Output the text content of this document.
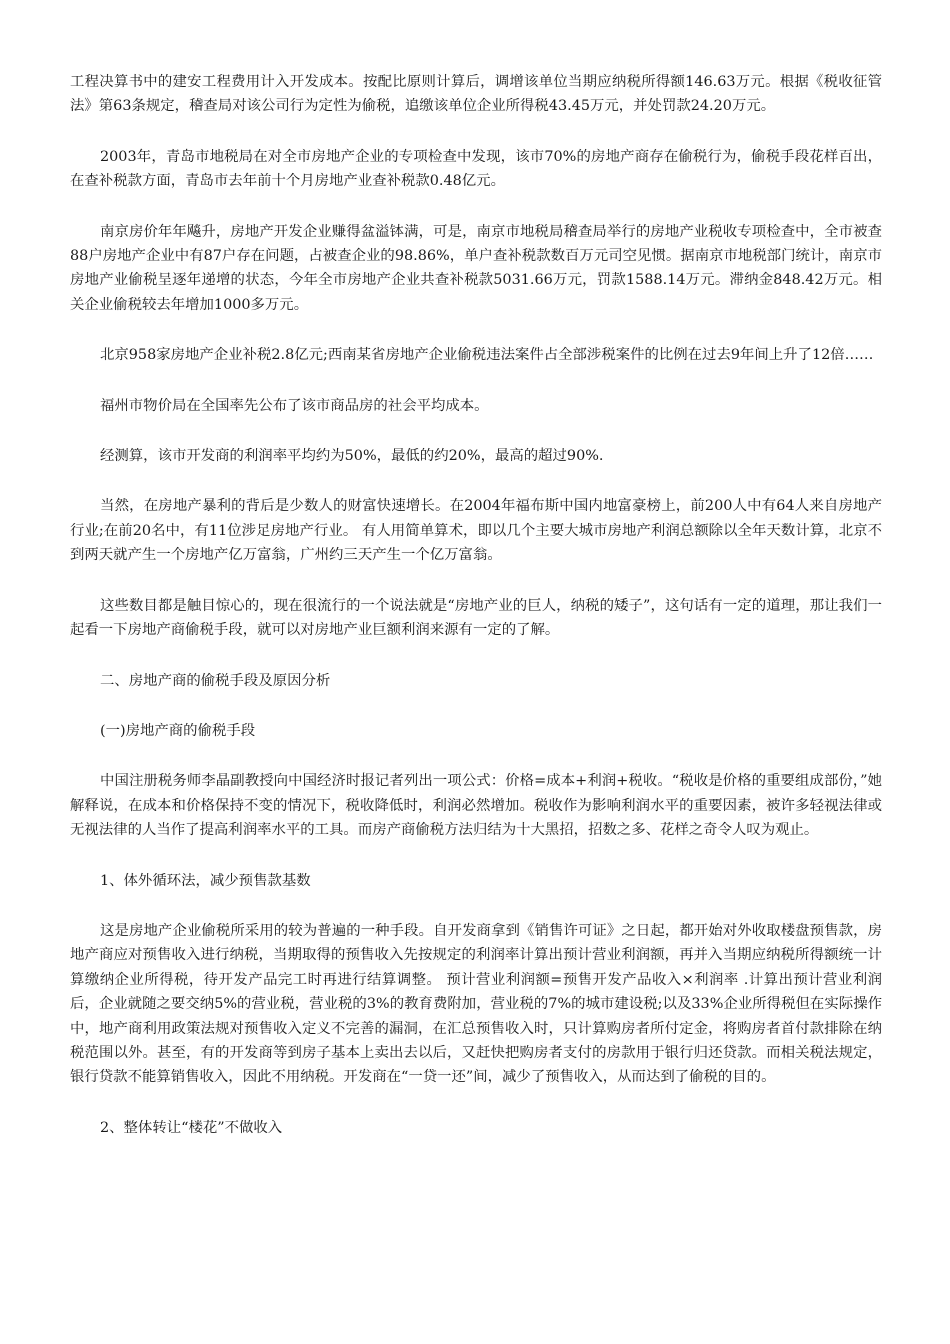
工程决算书中的建安工程费用计入开发成本。按配比原则计算后，调增该单位当期应纳税所得额146.63万元。根据《税收征管法》第63条规定，稽查局对该公司行为定性为偷税，追缴该单位企业所得税43.45万元，并处罚款24.20万元。

2003年，青岛市地税局在对全市房地产企业的专项检查中发现，该市70%的房地产商存在偷税行为，偷税手段花样百出，在查补税款方面，青岛市去年前十个月房地产业查补税款0.48亿元。

南京房价年年飚升，房地产开发企业赚得盆溢钵满，可是，南京市地税局稽查局举行的房地产业税收专项检查中，全市被查88户房地产企业中有87户存在问题，占被查企业的98.86%，单户查补税款数百万元司空见惯。据南京市地税部门统计，南京市房地产业偷税呈逐年递增的状态，今年全市房地产企业共查补税款5031.66万元，罚款1588.14万元。滞纳金848.42万元。相关企业偷税较去年增加1000多万元。

北京958家房地产企业补税2.8亿元;西南某省房地产企业偷税违法案件占全部涉税案件的比例在过去9年间上升了12倍……

福州市物价局在全国率先公布了该市商品房的社会平均成本。

经测算，该市开发商的利润率平均约为50%，最低的约20%，最高的超过90%.

当然，在房地产暴利的背后是少数人的财富快速增长。在2004年福布斯中国内地富豪榜上，前200人中有64人来自房地产行业;在前20名中，有11位涉足房地产行业。 有人用简单算术，即以几个主要大城市房地产利润总额除以全年天数计算，北京不到两天就产生一个房地产亿万富翁，广州约三天产生一个亿万富翁。

这些数目都是触目惊心的，现在很流行的一个说法就是“房地产业的巨人，纳税的矮子”，这句话有一定的道理，那让我们一起看一下房地产商偷税手段，就可以对房地产业巨额利润来源有一定的了解。

二、房地产商的偷税手段及原因分析

(一)房地产商的偷税手段

中国注册税务师李晶副教授向中国经济时报记者列出一项公式：价格=成本+利润+税收。“税收是价格的重要组成部份，”她解释说，在成本和价格保持不变的情况下，税收降低时，利润必然增加。税收作为影响利润水平的重要因素，被许多轻视法律或无视法律的人当作了提高利润率水平的工具。而房产商偷税方法归结为十大黑招，招数之多、花样之奇令人叹为观止。

1、体外循环法，减少预售款基数

这是房地产企业偷税所采用的较为普遍的一种手段。自开发商拿到《销售许可证》之日起，都开始对外收取楼盘预售款，房地产商应对预售收入进行纳税，当期取得的预售收入先按规定的利润率计算出预计营业利润额，再并入当期应纳税所得额统一计算缴纳企业所得税，待开发产品完工时再进行结算调整。 预计营业利润额=预售开发产品收入×利润率 .计算出预计营业利润后，企业就随之要交纳5%的营业税，营业税的3%的教育费附加，营业税的7%的城市建设税;以及33%企业所得税但在实际操作中，地产商利用政策法规对预售收入定义不完善的漏洞，在汇总预售收入时，只计算购房者所付定金，将购房者首付款排除在纳税范围以外。甚至，有的开发商等到房子基本上卖出去以后，又赶快把购房者支付的房款用于银行归还贷款。而相关税法规定，银行贷款不能算销售收入，因此不用纳税。开发商在“一贷一还”间，减少了预售收入，从而达到了偷税的目的。

2、整体转让“楼花”不做收入
